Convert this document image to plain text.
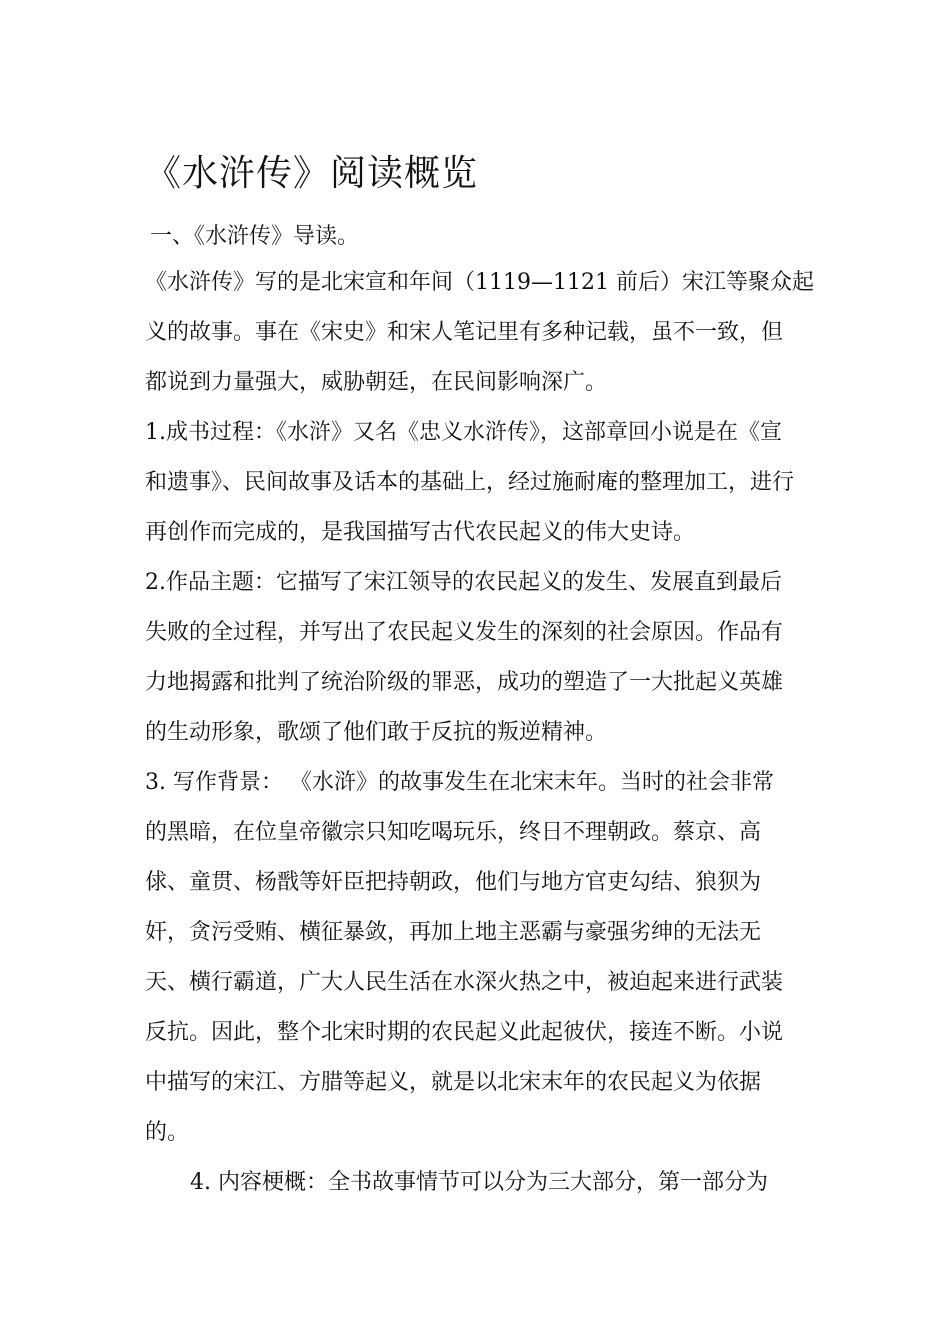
《水浒传》阅读概览
一、《水浒传》导读。
《水浒传》写的是北宋宣和年间（1119—1121 前后）宋江等聚众起
义的故事。事在《宋史》和宋人笔记里有多种记载，虽不一致，但
都说到力量强大，威胁朝廷，在民间影响深广。
1.成书过程：《水浒》又名《忠义水浒传》，这部章回小说是在《宣
和遗事》、民间故事及话本的基础上，经过施耐庵的整理加工，进行
再创作而完成的，是我国描写古代农民起义的伟大史诗。
2.作品主题：它描写了宋江领导的农民起义的发生、发展直到最后
失败的全过程，并写出了农民起义发生的深刻的社会原因。作品有
力地揭露和批判了统治阶级的罪恶，成功的塑造了一大批起义英雄
的生动形象，歌颂了他们敢于反抗的叛逆精神。
3. 写作背景： 《水浒》的故事发生在北宋末年。当时的社会非常
的黑暗，在位皇帝徽宗只知吃喝玩乐，终日不理朝政。蔡京、高
俅、童贯、杨戬等奸臣把持朝政，他们与地方官吏勾结、狼狈为
奸，贪污受贿、横征暴敛，再加上地主恶霸与豪强劣绅的无法无
天、横行霸道，广大人民生活在水深火热之中，被迫起来进行武装
反抗。因此，整个北宋时期的农民起义此起彼伏，接连不断。小说
中描写的宋江、方腊等起义，就是以北宋末年的农民起义为依据
的。
4. 内容梗概：全书故事情节可以分为三大部分，第一部分为
